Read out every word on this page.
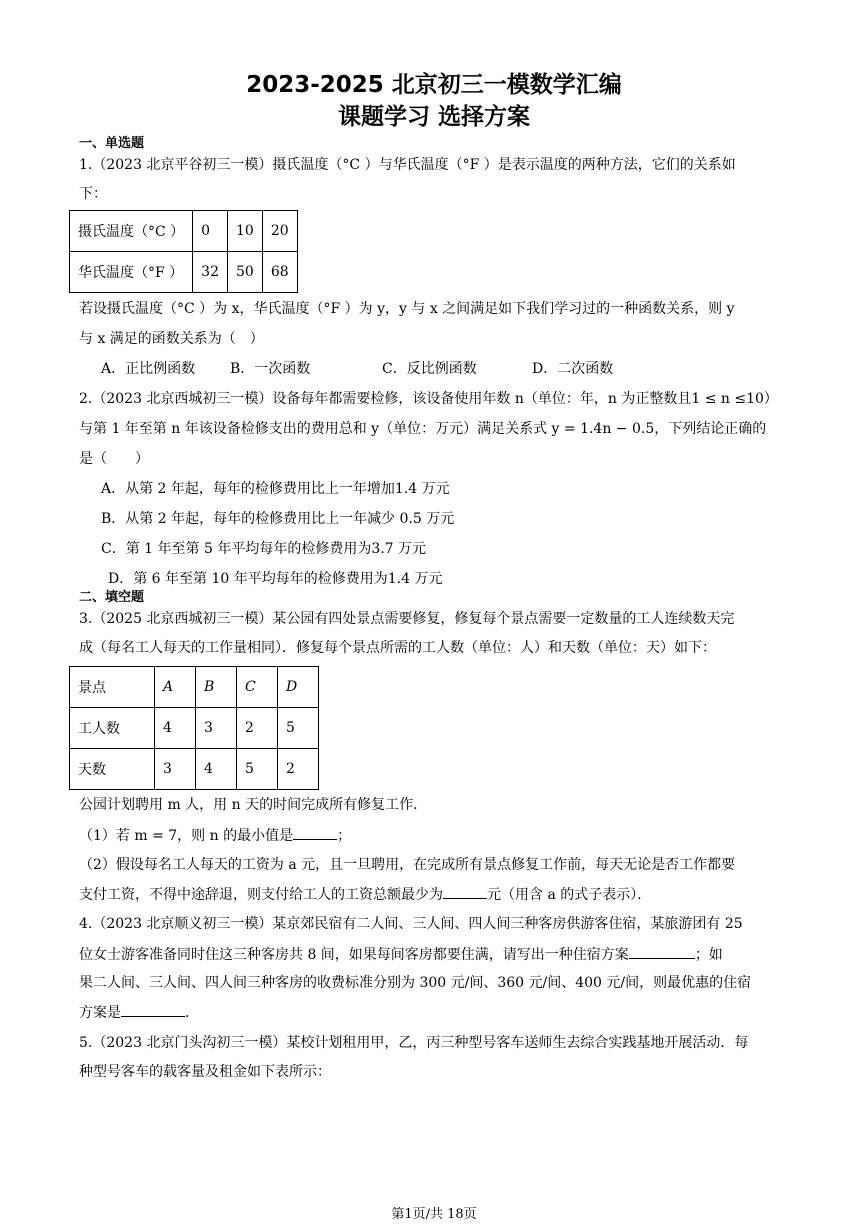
2023-2025 北京初三一模数学汇编
课题学习 选择方案
一、单选题
1.（2023 北京平谷初三一模）摄氏温度（°C ）与华氏温度（°F ）是表示温度的两种方法，它们的关系如
下：
摄氏温度（°C ）	0	10	20
华氏温度（°F ）	32	50	68
若设摄氏温度（°C ）为 x，华氏温度（°F ）为 y，y 与 x 之间满足如下我们学习过的一种函数关系，则 y
与 x 满足的函数关系为（　）
A．正比例函数 B．一次函数	C．反比例函数	D．二次函数
2.（2023 北京西城初三一模）设备每年都需要检修，该设备使用年数 n（单位：年，n 为正整数且1 ≤ n ≤10）
与第 1 年至第 n 年该设备检修支出的费用总和 y（单位：万元）满足关系式 y = 1.4n − 0.5，下列结论正确的
是（　　）
A．从第 2 年起，每年的检修费用比上一年增加1.4 万元
B．从第 2 年起，每年的检修费用比上一年减少 0.5 万元
C．第 1 年至第 5 年平均每年的检修费用为3.7 万元
D．第 6 年至第 10 年平均每年的检修费用为1.4 万元
二、填空题
3.（2025 北京西城初三一模）某公园有四处景点需要修复，修复每个景点需要一定数量的工人连续数天完
成（每名工人每天的工作量相同）．修复每个景点所需的工人数（单位：人）和天数（单位：天）如下：
景点	A	B	C	D
工人数	4	3	2	5
天数	3	4	5	2
公园计划聘用 m 人，用 n 天的时间完成所有修复工作．
（1）若 m = 7，则 n 的最小值是	；
（2）假设每名工人每天的工资为 a 元，且一旦聘用，在完成所有景点修复工作前，每天无论是否工作都要
支付工资，不得中途辞退，则支付给工人的工资总额最少为	元（用含 a 的式子表示）．
4.（2023 北京顺义初三一模）某京郊民宿有二人间、三人间、四人间三种客房供游客住宿，某旅游团有 25
位女士游客准备同时住这三种客房共 8 间，如果每间客房都要住满，请写出一种住宿方案	；如
果二人间、三人间、四人间三种客房的收费标准分别为 300 元/间、360 元/间、400 元/间，则最优惠的住宿
方案是	．
5.（2023 北京门头沟初三一模）某校计划租用甲，乙，丙三种型号客车送师生去综合实践基地开展活动．每
种型号客车的载客量及租金如下表所示：
第1页/共 18页
